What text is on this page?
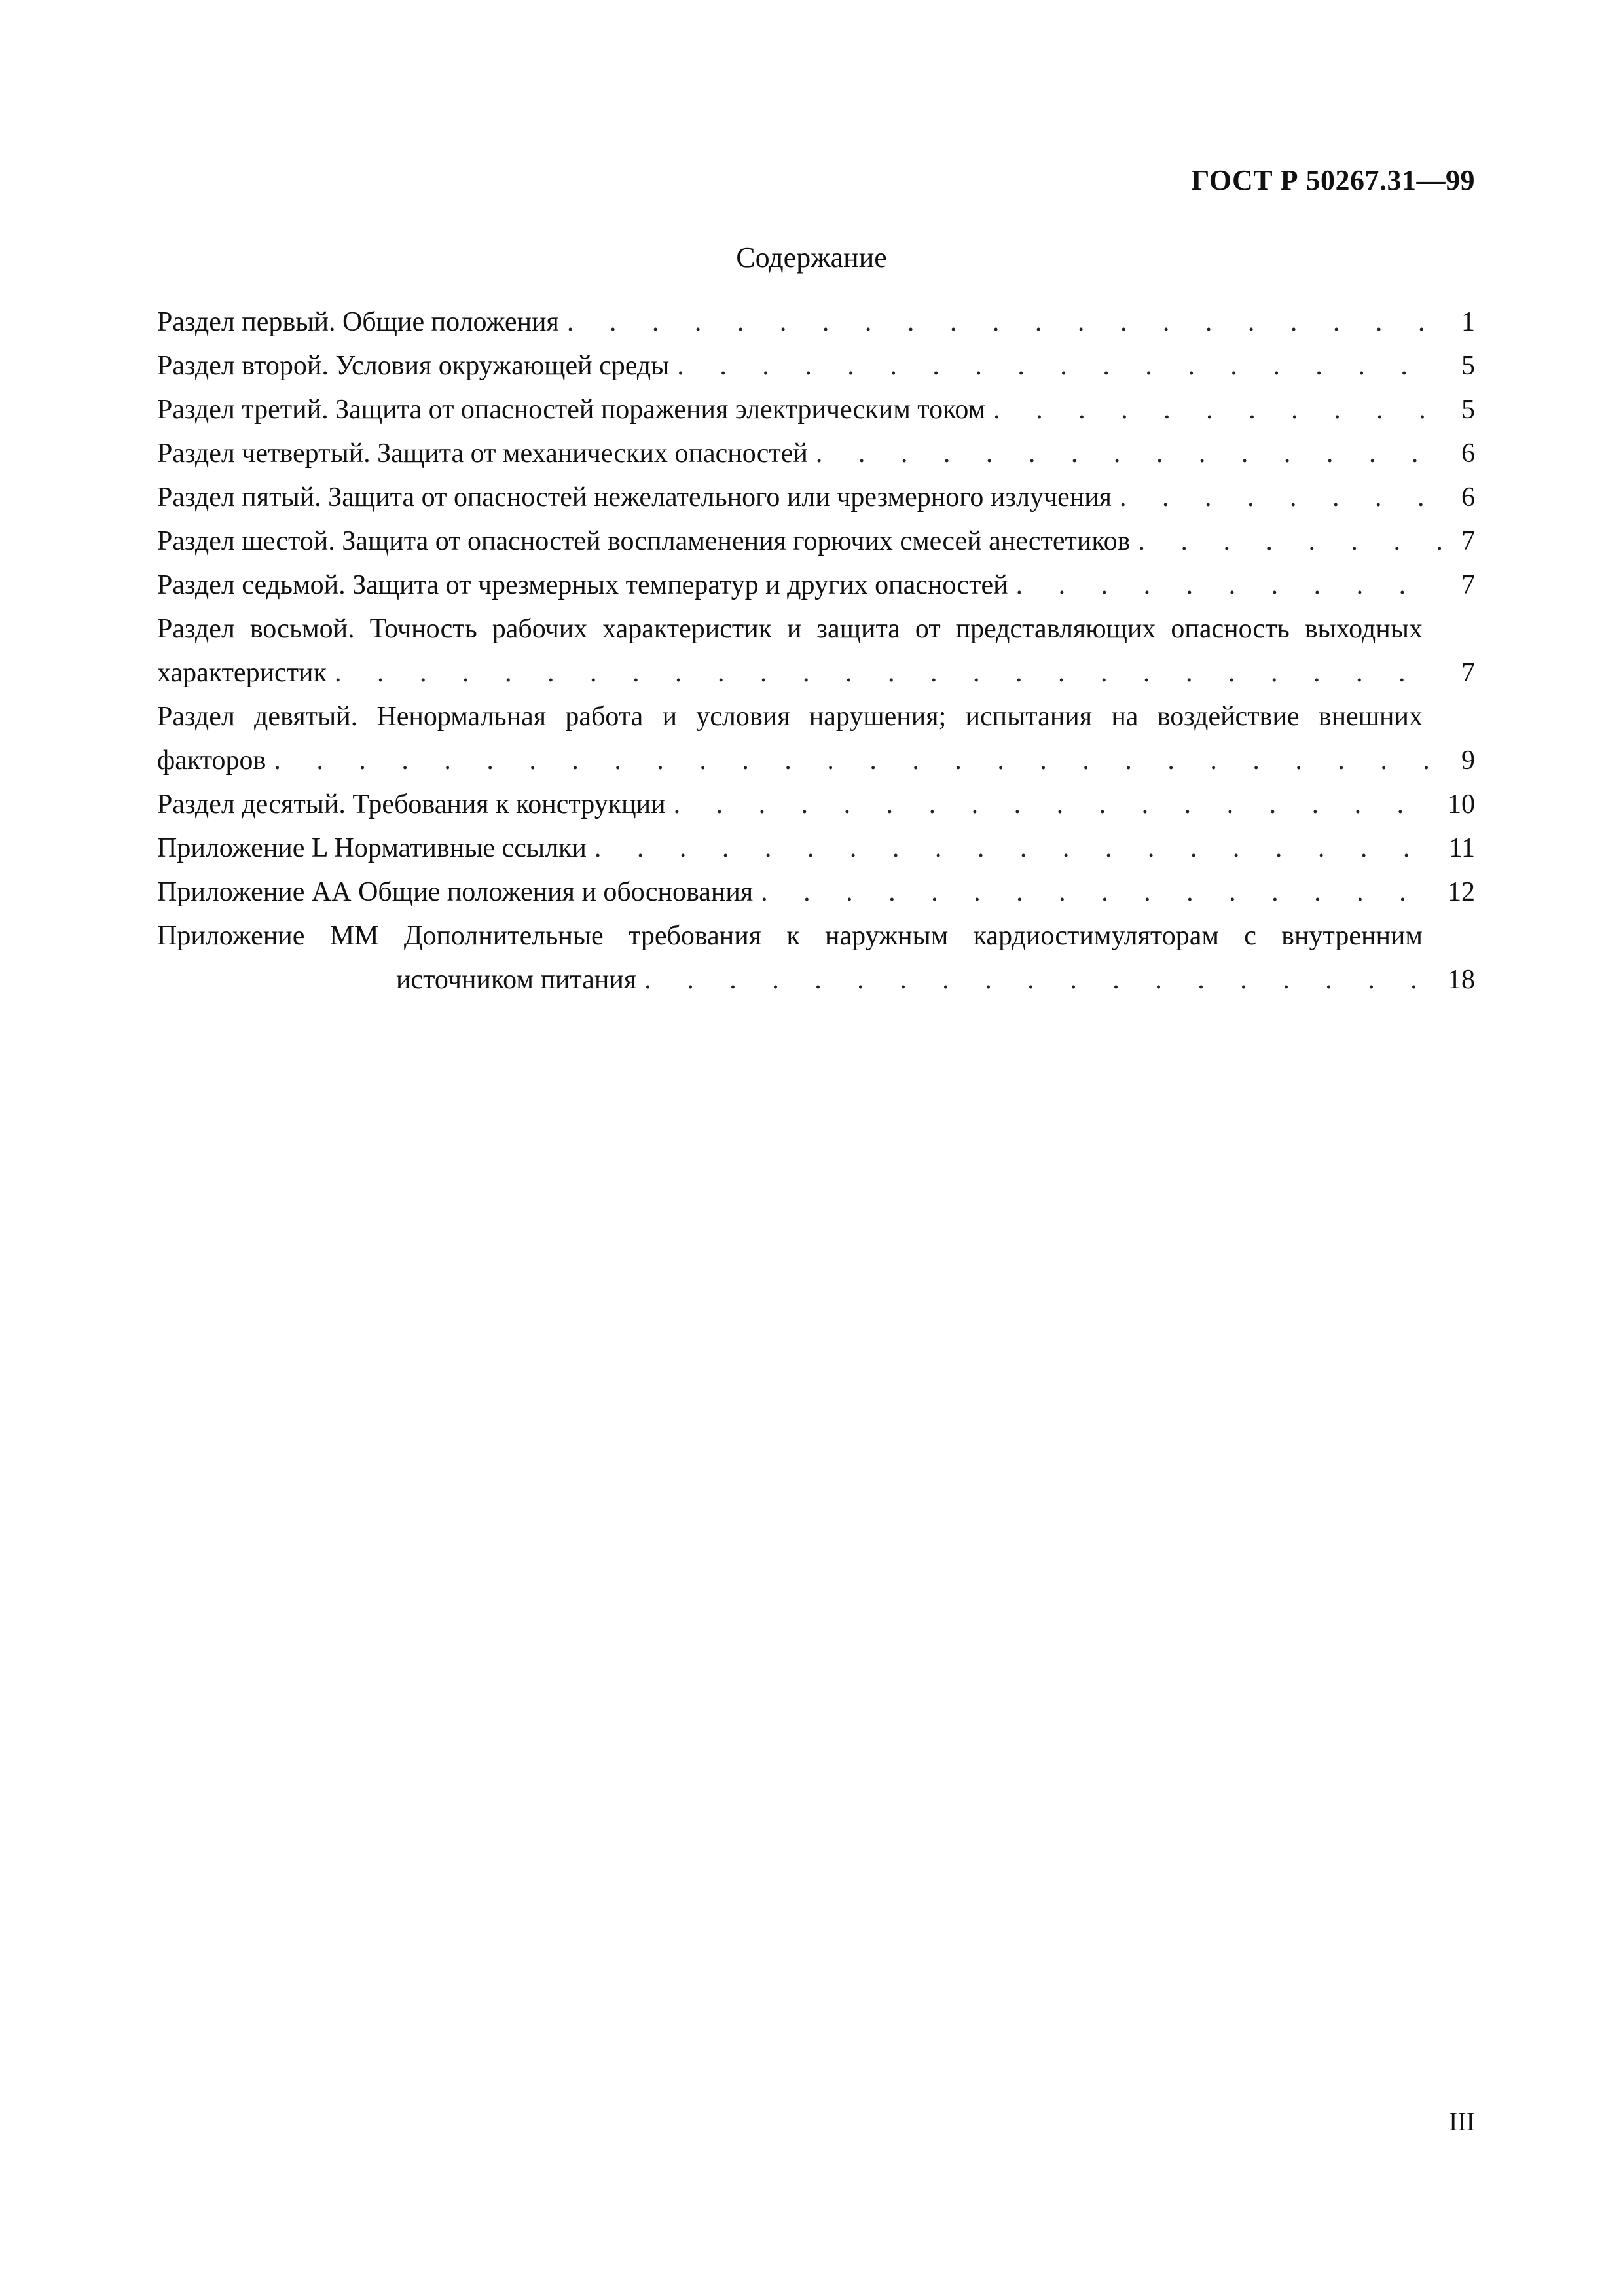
ГОСТ Р 50267.31—99
Содержание
Раздел первый. Общие положения . . .	1
Раздел второй. Условия окружающей среды . . .	5
Раздел третий. Защита от опасностей поражения электрическим током . . .	5
Раздел четвертый. Защита от механических опасностей . . .	6
Раздел пятый. Защита от опасностей нежелательного или чрезмерного излучения . . .	6
Раздел шестой. Защита от опасностей воспламенения горючих смесей анестетиков . . .	7
Раздел седьмой. Защита от чрезмерных температур и других опасностей . . .	7
Раздел восьмой. Точность рабочих характеристик и защита от представляющих опасность выходных
характеристик . . .	7
Раздел девятый. Ненормальная работа и условия нарушения; испытания на воздействие внешних
факторов . . .	9
Раздел десятый. Требования к конструкции . . .	10
Приложение L Нормативные ссылки . . .	11
Приложение АА Общие положения и обоснования . . .	12
Приложение ММ Дополнительные требования к наружным кардиостимуляторам с внутренним
источником питания . . .	18
III
